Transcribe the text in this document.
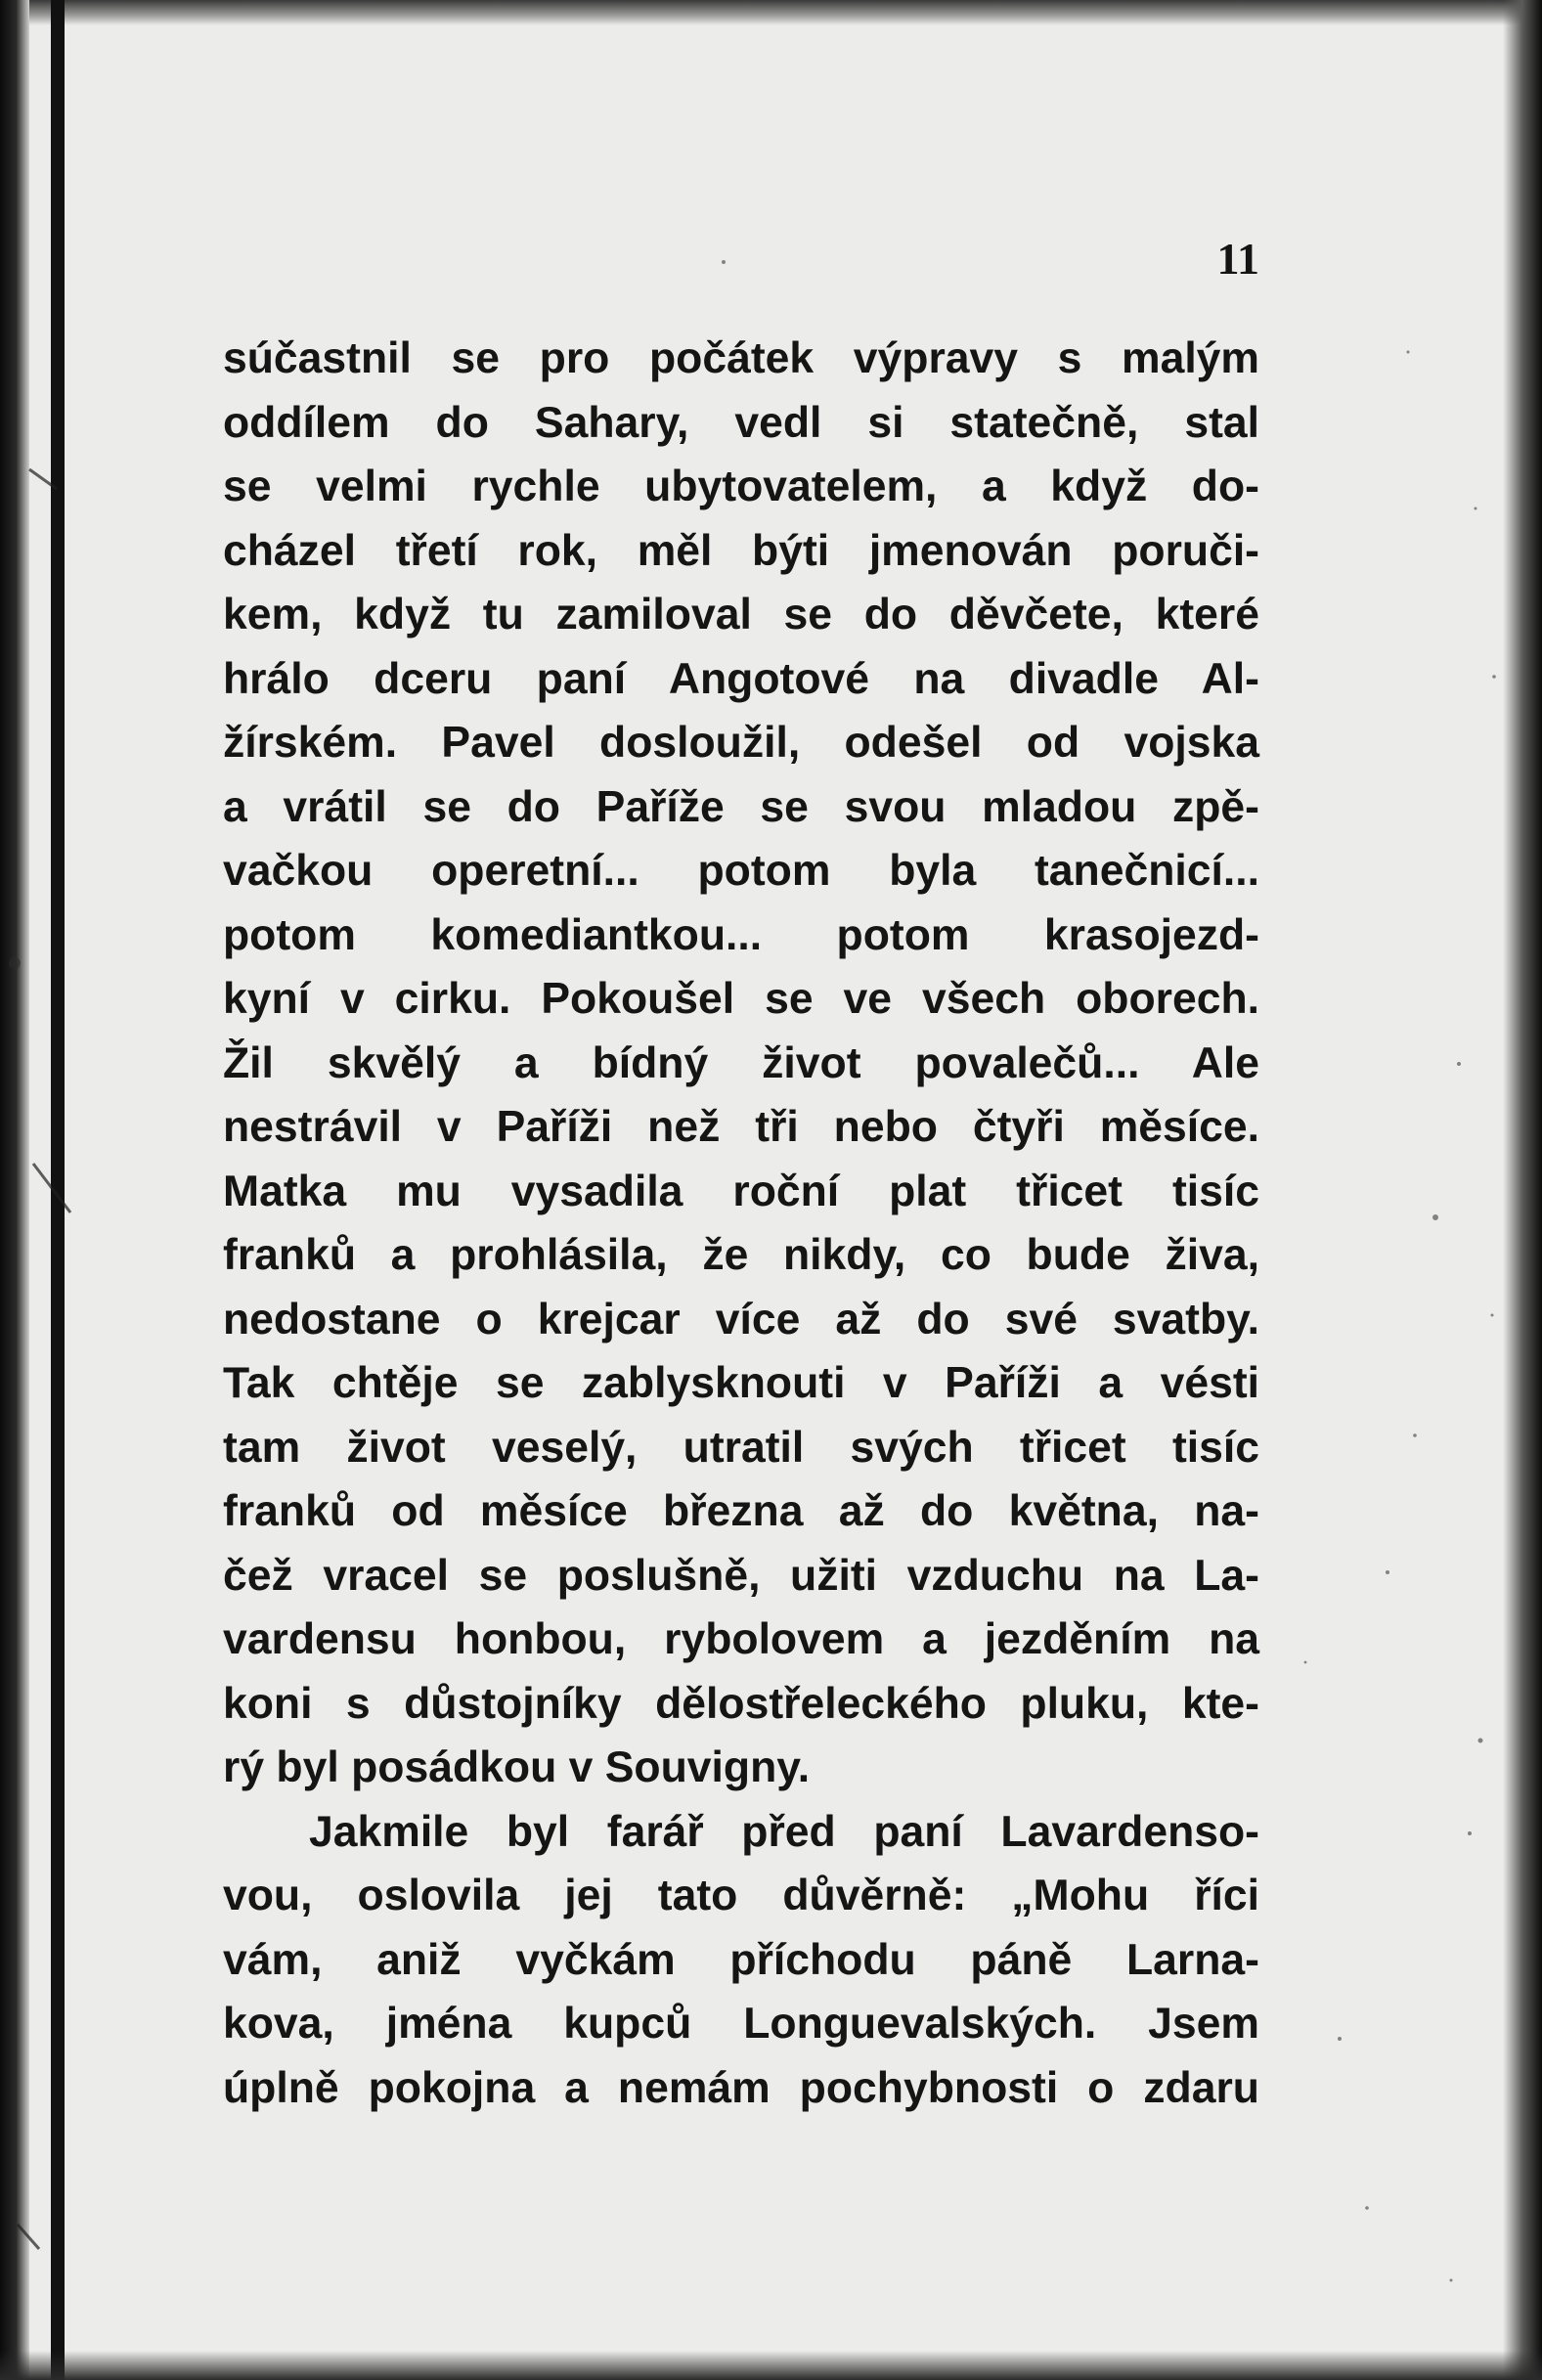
11
súčastnil se pro počátek výpravy s malým
oddílem do Sahary, vedl si statečně, stal
se velmi rychle ubytovatelem, a když do-
cházel třetí rok, měl býti jmenován poruči-
kem, když tu zamiloval se do děvčete, které
hrálo dceru paní Angotové na divadle Al-
žírském. Pavel dosloužil, odešel od vojska
a vrátil se do Paříže se svou mladou zpě-
vačkou operetní... potom byla tanečnicí...
potom komediantkou... potom krasojezd-
kyní v cirku. Pokoušel se ve všech oborech.
Žil skvělý a bídný život povalečů... Ale
nestrávil v Paříži než tři nebo čtyři měsíce.
Matka mu vysadila roční plat třicet tisíc
franků a prohlásila, že nikdy, co bude živa,
nedostane o krejcar více až do své svatby.
Tak chtěje se zablysknouti v Paříži a vésti
tam život veselý, utratil svých třicet tisíc
franků od měsíce března až do května, na-
čež vracel se poslušně, užiti vzduchu na La-
vardensu honbou, rybolovem a jezděním na
koni s důstojníky dělostřeleckého pluku, kte-
rý byl posádkou v Souvigny.
Jakmile byl farář před paní Lavardenso-
vou, oslovila jej tato důvěrně: „Mohu říci
vám, aniž vyčkám příchodu páně Larna-
kova, jména kupců Longuevalských. Jsem
úplně pokojna a nemám pochybnosti o zdaru
